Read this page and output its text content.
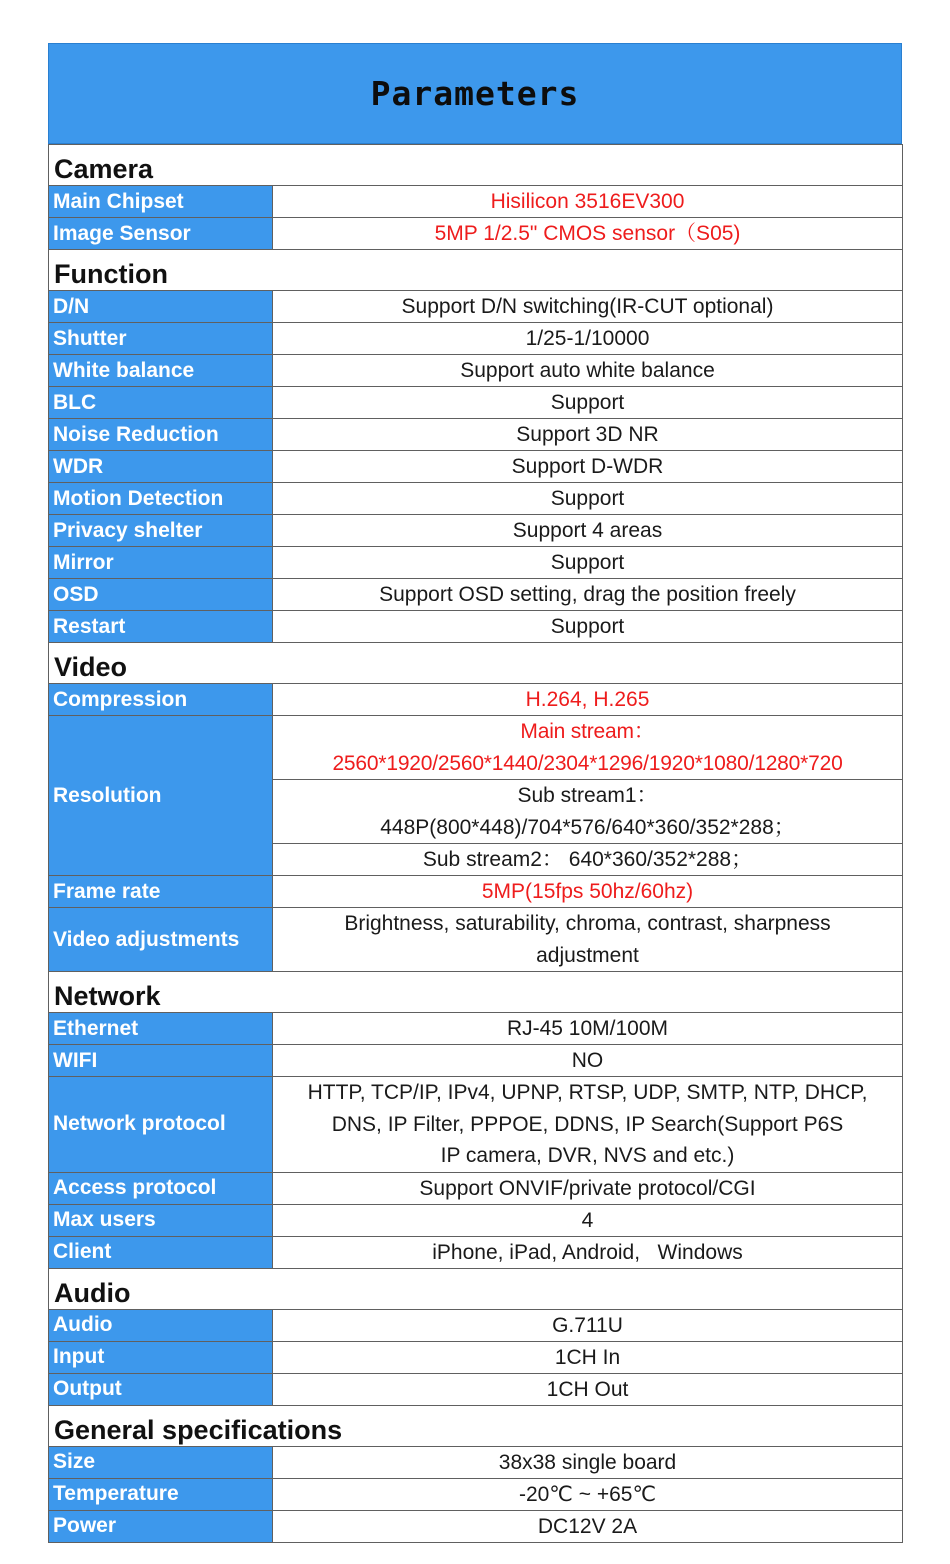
Parameters
Camera	
Main Chipset	Hisilicon 3516EV300
Image Sensor	5MP 1/2.5" CMOS sensor（S05)
Function	
D/N	Support D/N switching(IR-CUT optional)
Shutter	1/25-1/10000
White balance	Support auto white balance
BLC	Support
Noise Reduction	Support 3D NR
WDR	Support D-WDR
Motion Detection	Support
Privacy shelter	Support 4 areas
Mirror	Support
OSD	Support OSD setting, drag the position freely
Restart	Support
Video	
Compression	H.264, H.265
Resolution	Main stream：
2560*1920/2560*1440/2304*1296/1920*1080/1280*720

	Sub stream1：
448P(800*448)/704*576/640*360/352*288；

	Sub stream2： 640*360/352*288；
Frame rate	5MP(15fps 50hz/60hz)
Video adjustments	Brightness, saturability, chroma, contrast, sharpness
adjustment

Network	
Ethernet	RJ-45 10M/100M
WIFI	NO
Network protocol	HTTP, TCP/IP, IPv4, UPNP, RTSP, UDP, SMTP, NTP, DHCP,
DNS, IP Filter, PPPOE, DDNS, IP Search(Support P6S
IP camera, DVR, NVS and etc.)

Access protocol	Support ONVIF/private protocol/CGI
Max users	4
Client	iPhone, iPad, Android,   Windows
Audio	
Audio	G.711U
Input	1CH In
Output	1CH Out
General specifications	
Size	38x38 single board
Temperature	-20℃ ~ +65℃
Power	DC12V 2A
